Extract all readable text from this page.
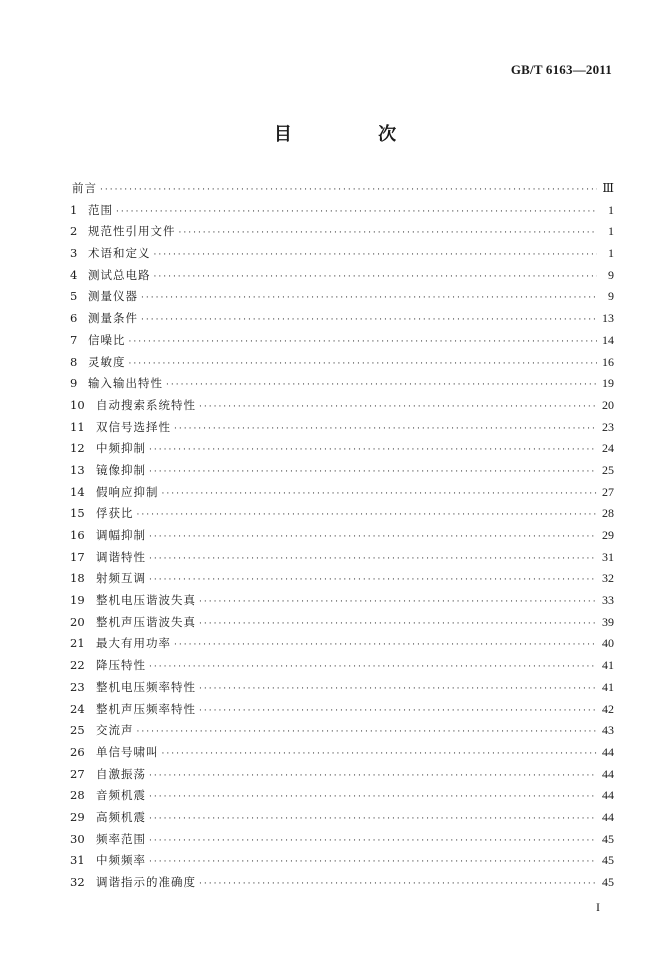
GB/T 6163—2011
目 次
前言 ·····	Ⅲ
1 范围 ·····	1
2 规范性引用文件 ·····	1
3 术语和定义 ·····	1
4 测试总电路 ·····	9
5 测量仪器 ·····	9
6 测量条件 ·····	13
7 信噪比 ·····	14
8 灵敏度 ·····	16
9 输入输出特性 ·····	19
10 自动搜索系统特性 ·····	20
11 双信号选择性 ·····	23
12 中频抑制 ·····	24
13 镜像抑制 ·····	25
14 假响应抑制 ·····	27
15 俘获比 ·····	28
16 调幅抑制 ·····	29
17 调谐特性 ·····	31
18 射频互调 ·····	32
19 整机电压谐波失真 ·····	33
20 整机声压谐波失真 ·····	39
21 最大有用功率 ·····	40
22 降压特性 ·····	41
23 整机电压频率特性 ·····	41
24 整机声压频率特性 ·····	42
25 交流声 ·····	43
26 单信号啸叫 ·····	44
27 自激振荡 ·····	44
28 音频机震 ·····	44
29 高频机震 ·····	44
30 频率范围 ·····	45
31 中频频率 ·····	45
32 调谐指示的准确度 ·····	45
I
